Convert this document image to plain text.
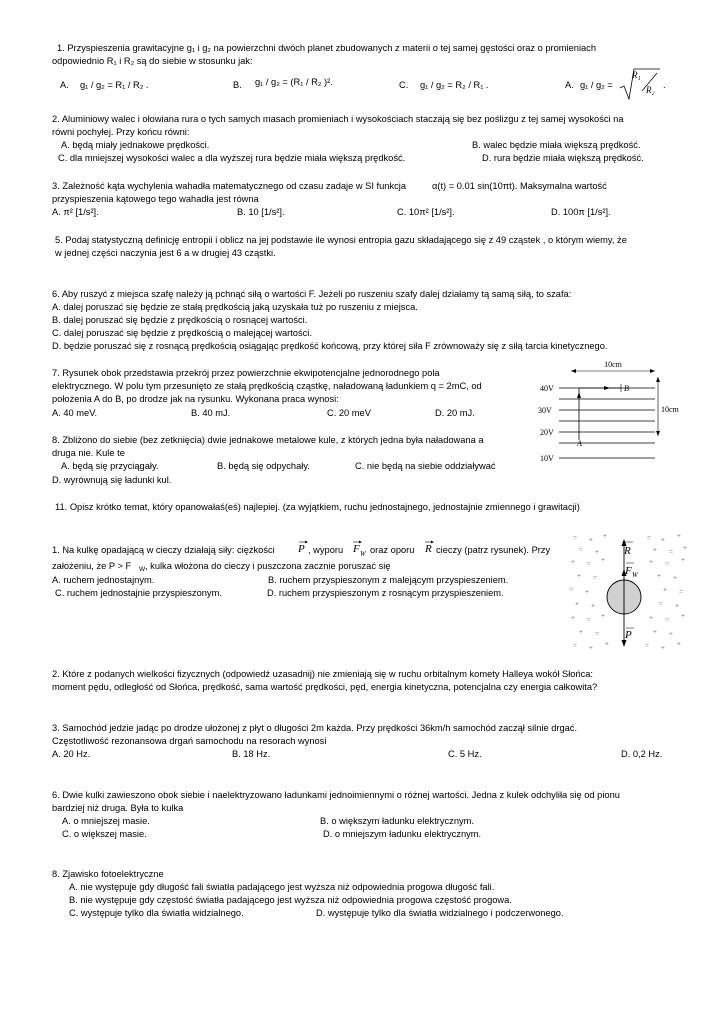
1. Przyspieszenia grawitacyjne g₁ i g₂ na powierzchni dwóch planet zbudowanych z materii o tej samej gęstości oraz o promieniach
odpowiednio R₁ i R₂ są do siebie w stosunku jak:
A. g₁ / g₂ = R₁ / R₂ .	B. g₁ / g₂ = (R₁ / R₂ )².	C. g₁ / g₂ = R₂ / R₁ .	A. g₁ / g₂ =
R₁
R₂ .
2. Aluminiowy walec i ołowiana rura o tych samych masach promieniach i wysokościach staczają się bez poślizgu z tej samej wysokości na
równi pochyłej. Przy końcu równi:
A. będą miały jednakowe prędkości.	B. walec będzie miała większą prędkość.
C. dla mniejszej wysokości walec a dla wyższej rura będzie miała większą prędkość.	D. rura będzie miała większą prędkość.
3. Zależność kąta wychylenia wahadła matematycznego od czasu zadaje w SI funkcja	α(t) = 0.01 sin(10πt). Maksymalna wartość
przyspieszenia kątowego tego wahadła jest równa
A. π² [1/s²].	B. 10 [1/s²].	C. 10π² [1/s²].	D. 100π [1/s²].
5. Podaj statystyczną definicję entropii i oblicz na jej podstawie ile wynosi entropia gazu składającego się z 49 cząstek , o którym wiemy, że
w jednej części naczynia jest 6 a w drugiej 43 cząstki.
6. Aby ruszyć z miejsca szafę należy ją pchnąć siłą o wartości F. Jeżeli po ruszeniu szafy dalej działamy tą samą siłą, to szafa:
A. dalej poruszać się będzie ze stałą prędkością jaką uzyskała tuż po ruszeniu z miejsca.
B. dalej poruszać się będzie z prędkością o rosnącej wartości.
C. dalej poruszać się będzie z prędkością o malejącej wartości.
D. będzie poruszać się z rosnącą prędkością osiągając prędkość końcową, przy której siła F zrównoważy się z siłą tarcia kinetycznego.
7. Rysunek obok przedstawia przekrój przez powierzchnie ekwipotencjalne jednorodnego pola
elektrycznego. W polu tym przesunięto ze stałą prędkością cząstkę, naładowaną ładunkiem q = 2mC, od
położenia A do B, po drodze jak na rysunku. Wykonana praca wynosi:
A. 40 meV.	B. 40 mJ.	C. 20 meV	D. 20 mJ.
10cm
40V
30V
20V
10V
10cm
A
B
8. Zbliżono do siebie (bez zetknięcia) dwie jednakowe metalowe kule, z których jedna była naładowana a
druga nie. Kule te
A. będą się przyciągały.	B. będą się odpychały.	C. nie będą na siebie oddziaływać
D. wyrównują się ładunki kul.
11. Opisz krótko temat, który opanowałaś(eś) najlepiej. (za wyjątkiem, ruchu jednostajnego, jednostajnie zmiennego i grawitacji)
1. Na kulkę opadającą w cieczy działają siły: ciężkości P , wyporu F W oraz oporu R cieczy (patrz rysunek). Przy
założeniu, że P > F W , kulka włożona do cieczy i puszczona zacznie poruszać się
A. ruchem jednostajnym.	B. ruchem przyspieszonym z malejącym przyspieszeniem.
C. ruchem jednostajnie przyspieszonym.	D. ruchem przyspieszonym z rosnącym przyspieszeniem.
= + +	= + +
= +	+ = +
+ = +	+ = +
+ =	+ +
= +	+ =
+ +	= +
+ = +	+ = +
+ =	+ +
= + +	= + +
R
F W
P
2. Które z podanych wielkości fizycznych (odpowiedź uzasadnij) nie zmieniają się w ruchu orbitalnym komety Halleya wokół Słońca:
moment pędu, odległość od Słońca, prędkość, sama wartość prędkości, pęd, energia kinetyczna, potencjalna czy energia całkowita?
3. Samochód jedzie jadąc po drodze ułożonej z płyt o długości 2m każda. Przy prędkości 36km/h samochód zaczął silnie drgać.
Częstotliwość rezonansowa drgań samochodu na resorach wynosi
A. 20 Hz.	B. 18 Hz.	C. 5 Hz.	D. 0,2 Hz.
6. Dwie kulki zawieszono obok siebie i naelektryzowano ładunkami jednoimiennymi o różnej wartości. Jedna z kulek odchyliła się od pionu
bardziej niż druga. Była to kulka
A. o mniejszej masie.	B. o większym ładunku elektrycznym.
C. o większej masie.	D. o mniejszym ładunku elektrycznym.
8. Zjawisko fotoelektryczne
A. nie występuje gdy długość fali światła padającego jest wyższa niż odpowiednia progowa długość fali.
B. nie występuje gdy częstość światła padającego jest wyższa niż odpowiednia progowa częstość progowa.
C. występuje tylko dla światła widzialnego.	D. występuje tylko dla światła widzialnego i podczerwonego.
